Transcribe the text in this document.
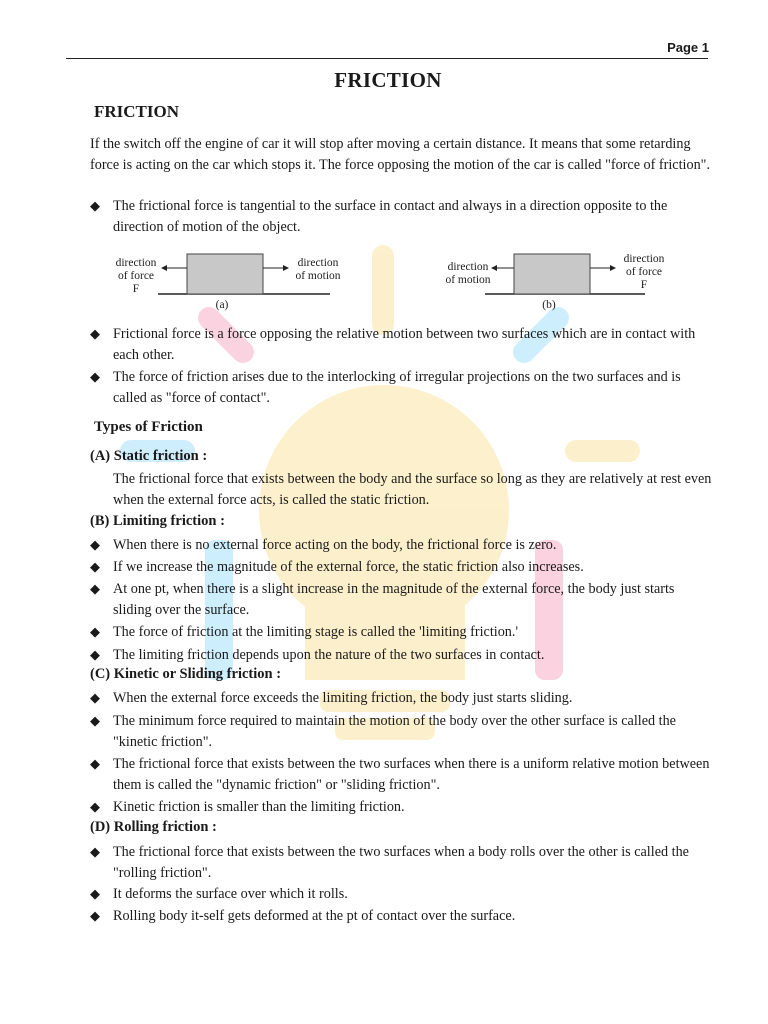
Page 1
FRICTION
FRICTION
If the switch off the engine of car it will stop after moving a certain distance. It means that some retarding force is acting on the car which stops it. The force opposing the motion of the car is called "force of friction".
◆ The frictional force is tangential to the surface in contact and always in a direction opposite to the direction of motion of the object.
direction
of force
F
direction
of motion
(a)
direction
of motion
direction
of force
F
(b)
◆ Frictional force is a force opposing the relative motion between two surfaces which are in contact with each other.
◆ The force of friction arises due to the interlocking of irregular projections on the two surfaces and is called as "force of contact".
Types of Friction
(A) Static friction :
The frictional force that exists between the body and the surface so long as they are relatively at rest even when the external force acts, is called the static friction.
(B) Limiting friction :
◆ When there is no external force acting on the body, the frictional force is zero.
◆ If we increase the magnitude of the external force, the static friction also increases.
◆ At one pt, when there is a slight increase in the magnitude of the external force, the body just starts sliding over the surface.
◆ The force of friction at the limiting stage is called the 'limiting friction.'
◆ The limiting friction depends upon the nature of the two surfaces in contact.
(C) Kinetic or Sliding friction :
◆ When the external force exceeds the limiting friction, the body just starts sliding.
◆ The minimum force required to maintain the motion of the body over the other surface is called the "kinetic friction".
◆ The frictional force that exists between the two surfaces when there is a uniform relative motion between them is called the "dynamic friction" or "sliding friction".
◆ Kinetic friction is smaller than the limiting friction.
(D) Rolling friction :
◆ The frictional force that exists between the two surfaces when a body rolls over the other is called the "rolling friction".
◆ It deforms the surface over which it rolls.
◆ Rolling body it-self gets deformed at the pt of contact over the surface.
